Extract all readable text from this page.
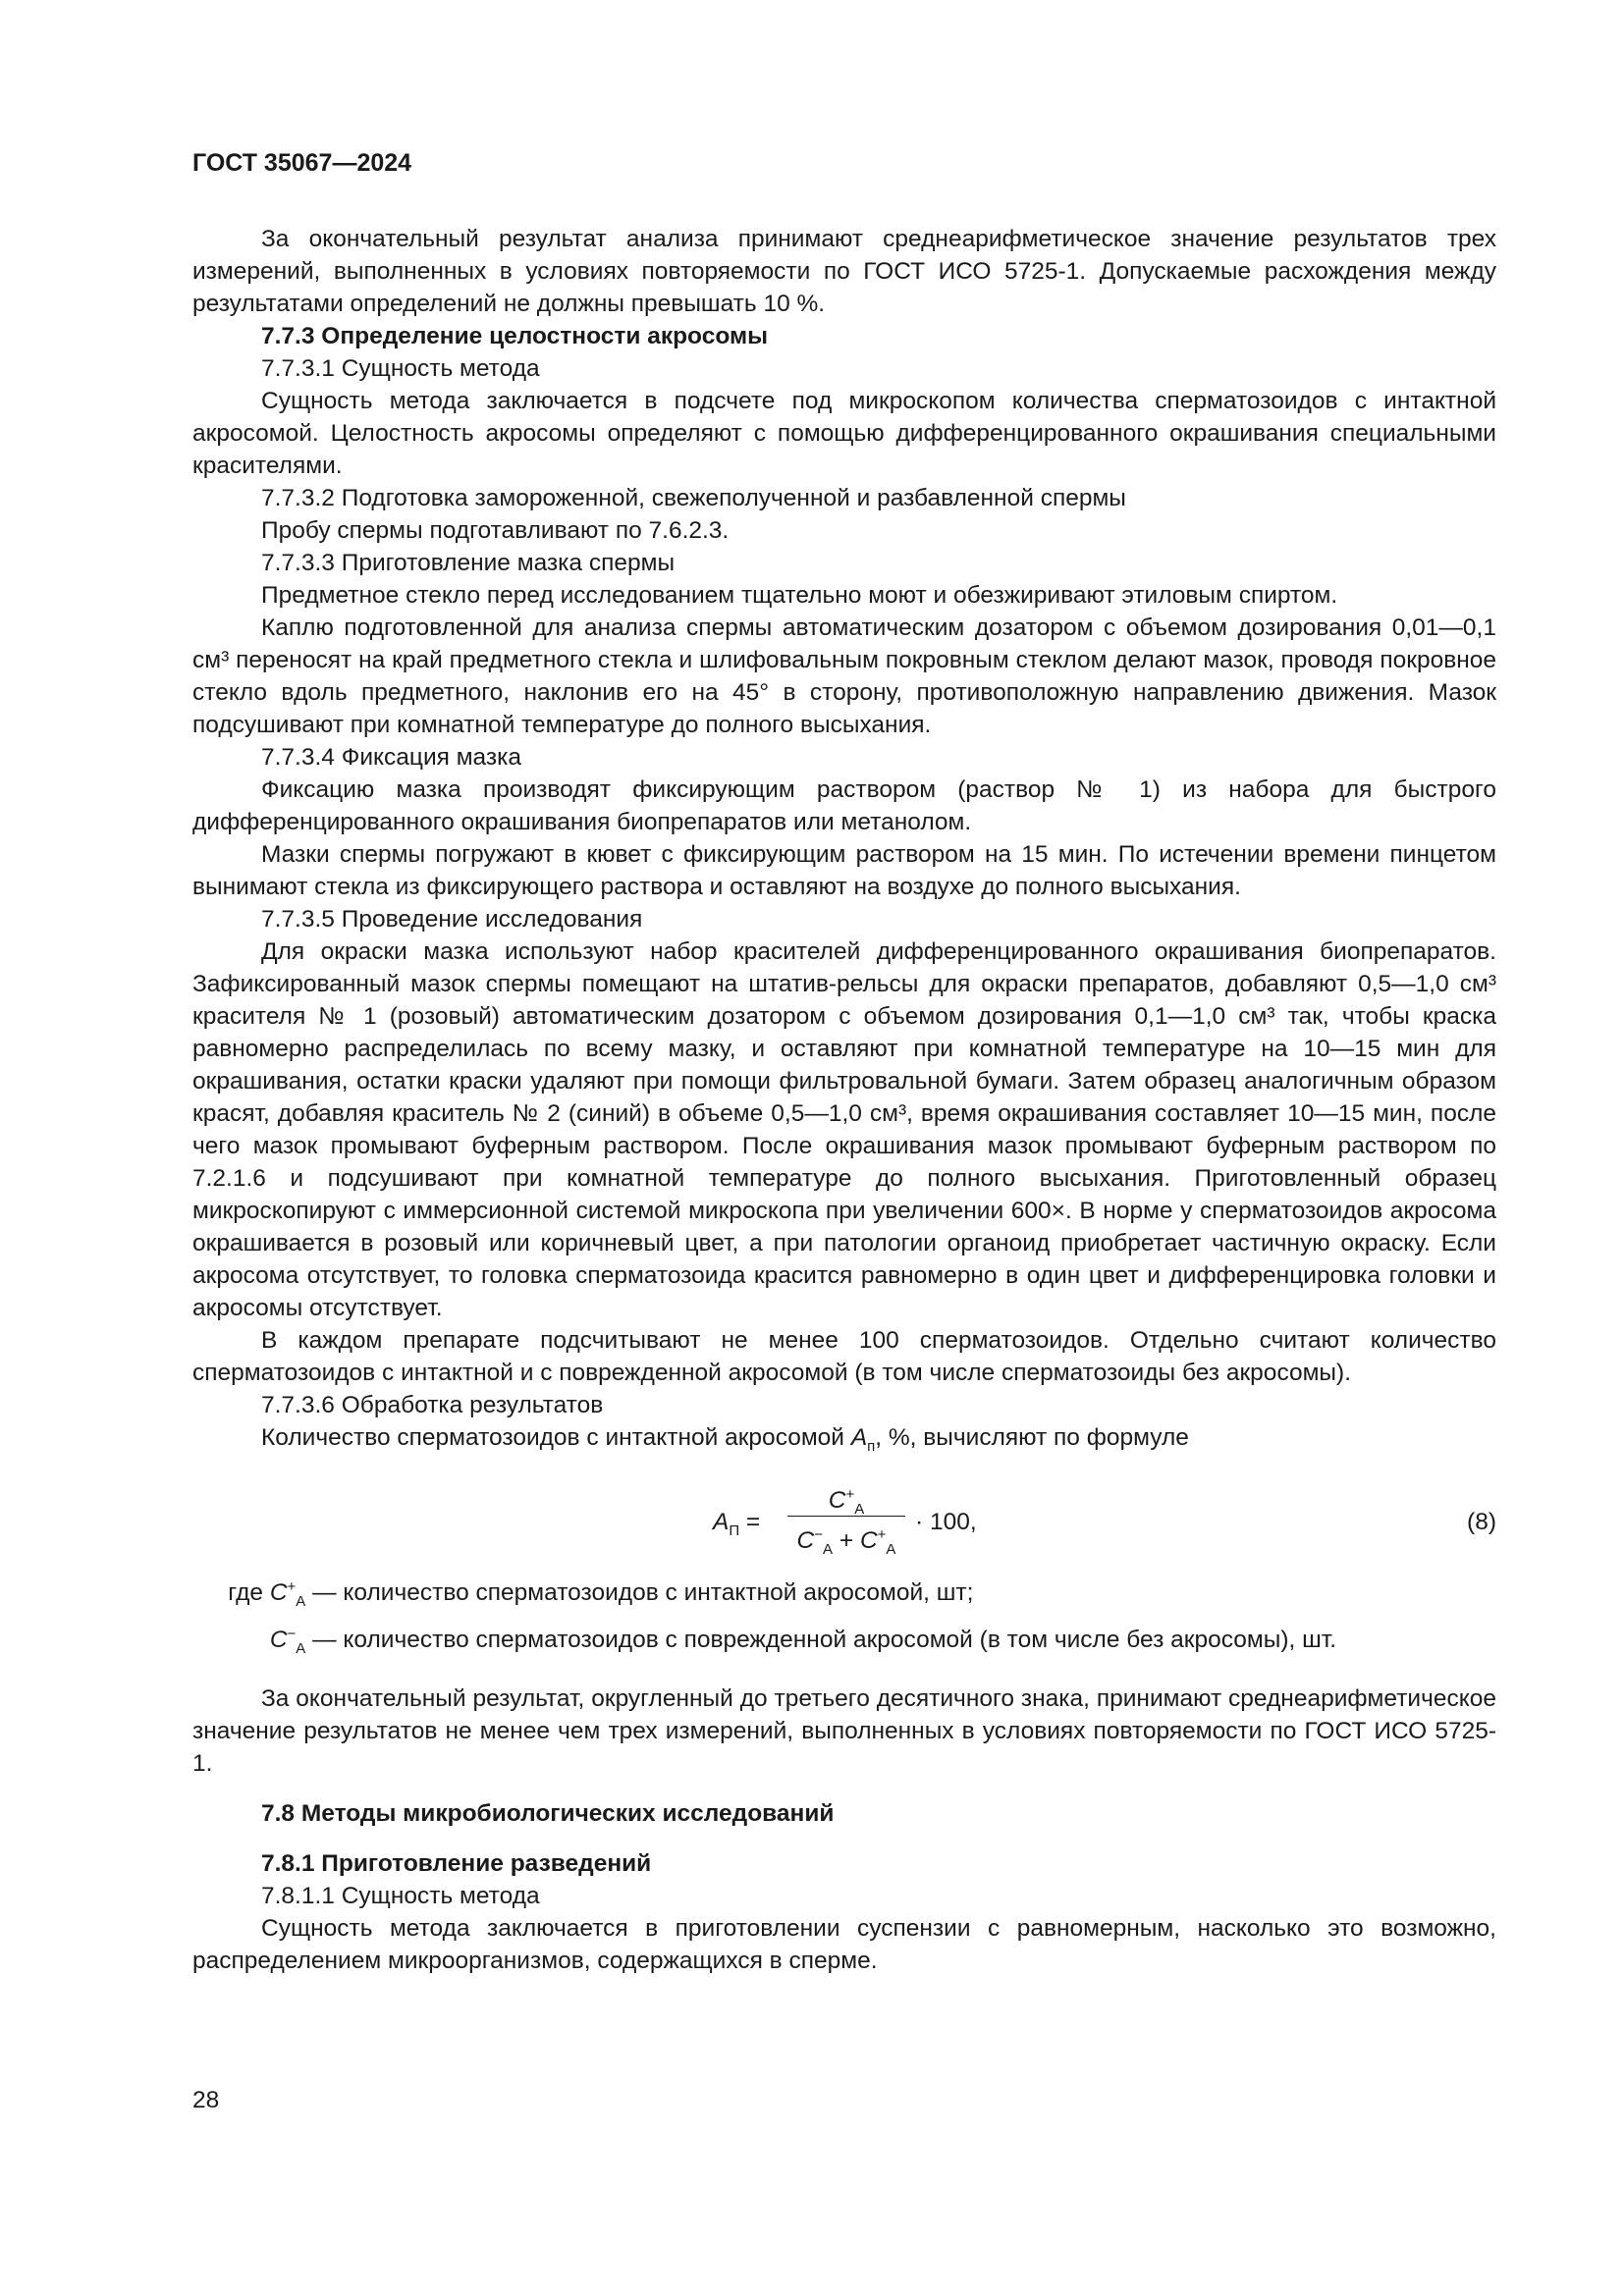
ГОСТ 35067—2024

За окончательный результат анализа принимают среднеарифметическое значение результатов трех измерений, выполненных в условиях повторяемости по ГОСТ ИСО 5725-1. Допускаемые расхождения между результатами определений не должны превышать 10 %.

7.7.3 Определение целостности акросомы

7.7.3.1 Сущность метода

Сущность метода заключается в подсчете под микроскопом количества сперматозоидов с интактной акросомой. Целостность акросомы определяют с помощью дифференцированного окрашивания специальными красителями.

7.7.3.2 Подготовка замороженной, свежеполученной и разбавленной спермы

Пробу спермы подготавливают по 7.6.2.3.

7.7.3.3 Приготовление мазка спермы

Предметное стекло перед исследованием тщательно моют и обезжиривают этиловым спиртом.

Каплю подготовленной для анализа спермы автоматическим дозатором с объемом дозирования 0,01—0,1 см³ переносят на край предметного стекла и шлифовальным покровным стеклом делают мазок, проводя покровное стекло вдоль предметного, наклонив его на 45° в сторону, противоположную направлению движения. Мазок подсушивают при комнатной температуре до полного высыхания.

7.7.3.4 Фиксация мазка

Фиксацию мазка производят фиксирующим раствором (раствор № 1) из набора для быстрого дифференцированного окрашивания биопрепаратов или метанолом.

Мазки спермы погружают в кювет с фиксирующим раствором на 15 мин. По истечении времени пинцетом вынимают стекла из фиксирующего раствора и оставляют на воздухе до полного высыхания.

7.7.3.5 Проведение исследования

Для окраски мазка используют набор красителей дифференцированного окрашивания биопрепаратов. Зафиксированный мазок спермы помещают на штатив-рельсы для окраски препаратов, добавляют 0,5—1,0 см³ красителя № 1 (розовый) автоматическим дозатором с объемом дозирования 0,1—1,0 см³ так, чтобы краска равномерно распределилась по всему мазку, и оставляют при комнатной температуре на 10—15 мин для окрашивания, остатки краски удаляют при помощи фильтровальной бумаги. Затем образец аналогичным образом красят, добавляя краситель № 2 (синий) в объеме 0,5—1,0 см³, время окрашивания составляет 10—15 мин, после чего мазок промывают буферным раствором. После окрашивания мазок промывают буферным раствором по 7.2.1.6 и подсушивают при комнатной температуре до полного высыхания. Приготовленный образец микроскопируют с иммерсионной системой микроскопа при увеличении 600×. В норме у сперматозоидов акросома окрашивается в розовый или коричневый цвет, а при патологии органоид приобретает частичную окраску. Если акросома отсутствует, то головка сперматозоида красится равномерно в один цвет и дифференцировка головки и акросомы отсутствует.

В каждом препарате подсчитывают не менее 100 сперматозоидов. Отдельно считают количество сперматозоидов с интактной и с поврежденной акросомой (в том числе сперматозоиды без акросомы).

7.7.3.6 Обработка результатов

Количество сперматозоидов с интактной акросомой $A_п$, %, вычисляют по формуле

$A_П$ =
$C^+_A$
$C^-_A + C^+_A$
· 100,	(8)
где $C^+_A$ — количество сперматозоидов с интактной акросомой, шт;
$C^-_A$ — количество сперматозоидов с поврежденной акросомой (в том числе без акросомы), шт.

За окончательный результат, округленный до третьего десятичного знака, принимают среднеарифметическое значение результатов не менее чем трех измерений, выполненных в условиях повторяемости по ГОСТ ИСО 5725-1.

7.8 Методы микробиологических исследований

7.8.1 Приготовление разведений

7.8.1.1 Сущность метода

Сущность метода заключается в приготовлении суспензии с равномерным, насколько это возможно, распределением микроорганизмов, содержащихся в сперме.

28
